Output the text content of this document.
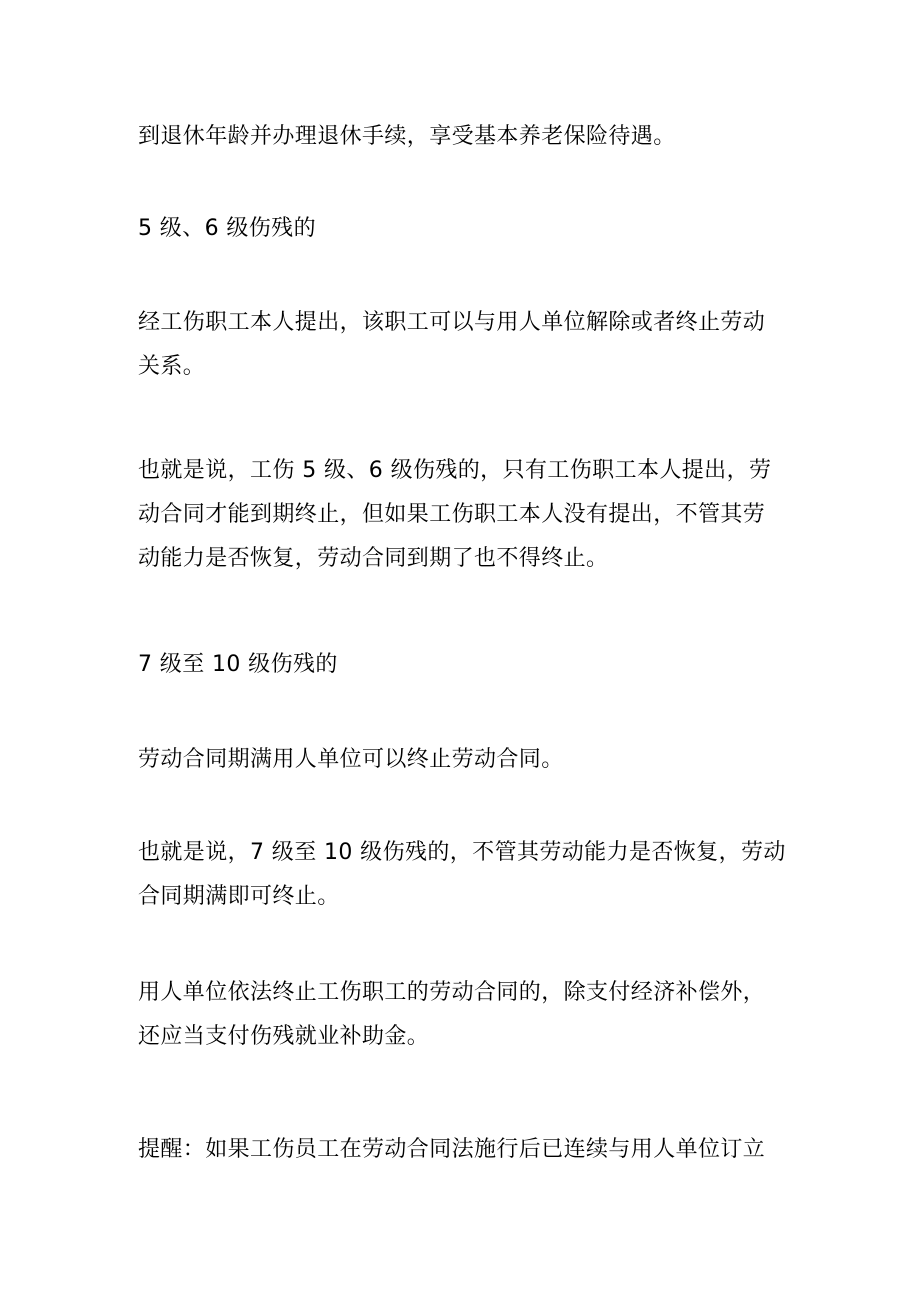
到退休年龄并办理退休手续，享受基本养老保险待遇。

5 级、6 级伤残的

经工伤职工本人提出，该职工可以与用人单位解除或者终止劳动
关系。

也就是说，工伤 5 级、6 级伤残的，只有工伤职工本人提出，劳
动合同才能到期终止，但如果工伤职工本人没有提出，不管其劳
动能力是否恢复，劳动合同到期了也不得终止。

7 级至 10 级伤残的

劳动合同期满用人单位可以终止劳动合同。

也就是说，7 级至 10 级伤残的，不管其劳动能力是否恢复，劳动
合同期满即可终止。

用人单位依法终止工伤职工的劳动合同的，除支付经济补偿外，
还应当支付伤残就业补助金。

提醒：如果工伤员工在劳动合同法施行后已连续与用人单位订立
